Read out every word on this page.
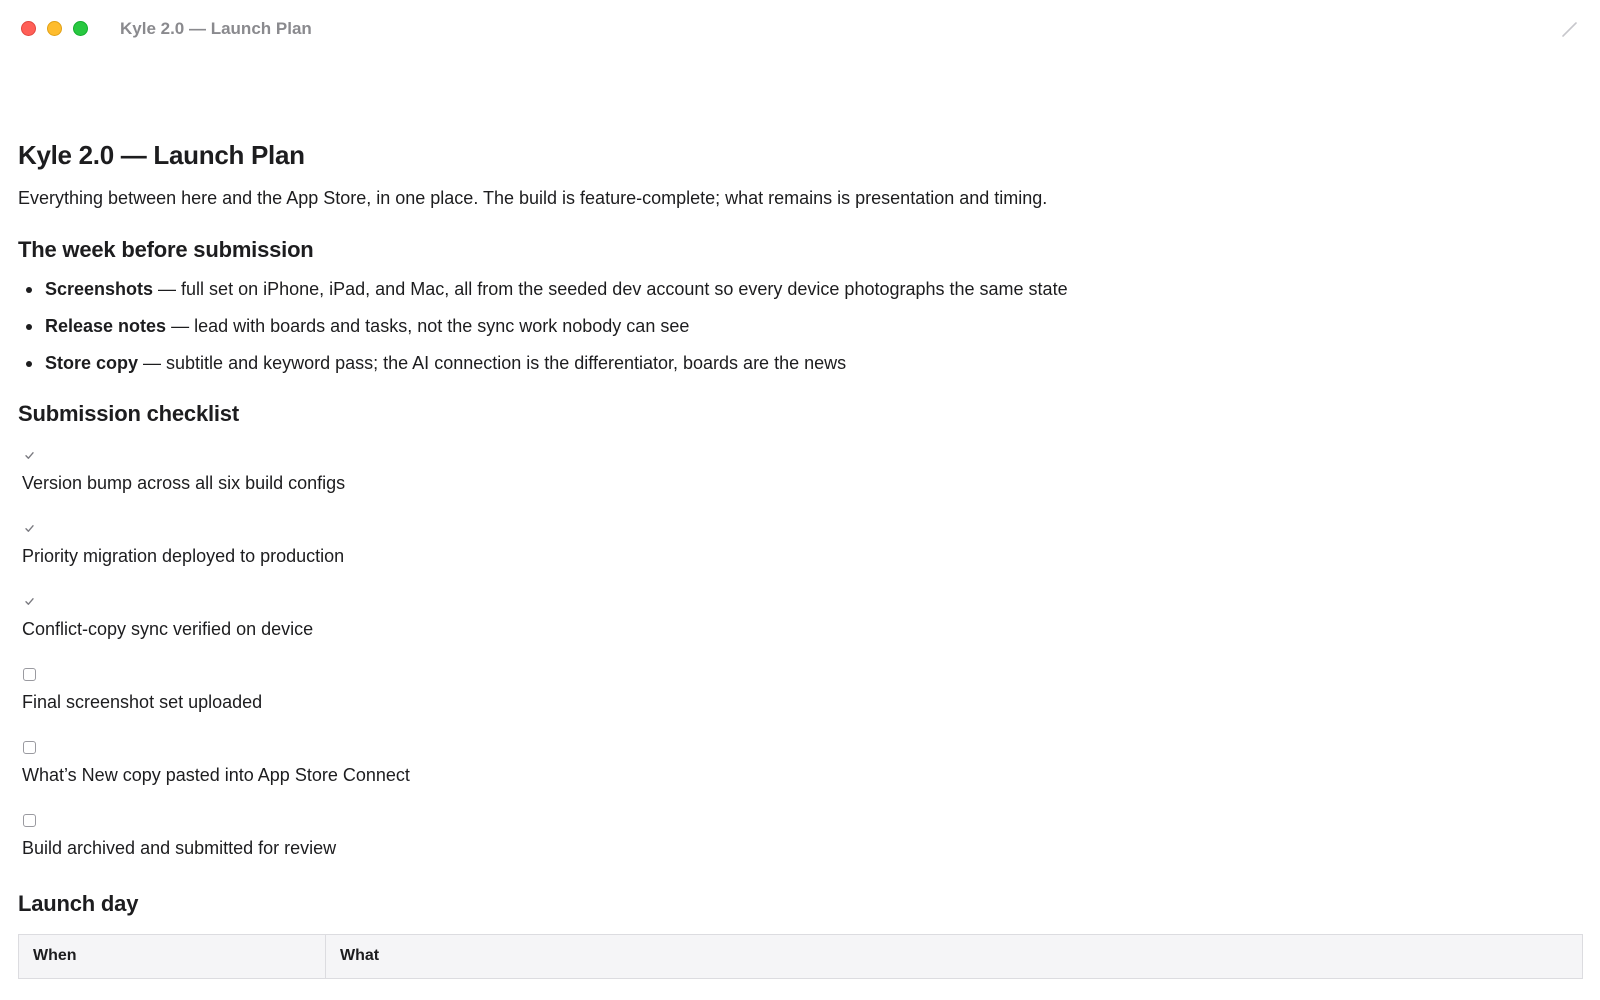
Kyle 2.0 — Launch Plan
Kyle 2.0 — Launch Plan

Everything between here and the App Store, in one place. The build is feature-complete; what remains is presentation and timing.

The week before submission
Screenshots — full set on iPhone, iPad, and Mac, all from the seeded dev account so every device photographs the same state
Release notes — lead with boards and tasks, not the sync work nobody can see
Store copy — subtitle and keyword pass; the AI connection is the differentiator, boards are the news
Submission checklist
Version bump across all six build configs
Priority migration deployed to production
Conflict-copy sync verified on device
Final screenshot set uploaded
What’s New copy pasted into App Store Connect
Build archived and submitted for review
Launch day
When	What
